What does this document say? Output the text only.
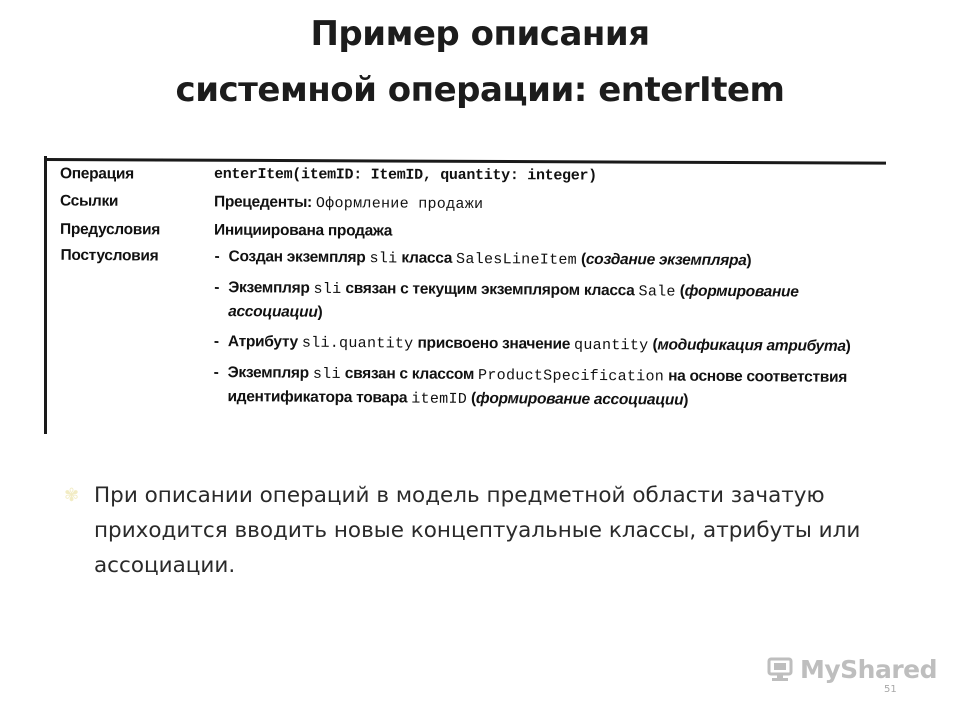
Пример описания
системной операции: enterItem
Операция	enterItem(itemID: ItemID, quantity: integer)
Ссылки	Прецеденты: Оформление продажи
Предусловия	Инициирована продажа
Постусловия
-	Создан экземпляр sli класса SalesLineItem (создание экземпляра)
- Экземпляр sli связан с текущим экземпляром класса Sale (формирование ассоциации)
- Атрибуту sli.quantity присвоено значение quantity (модификация атрибута)
- Экземпляр sli связан с классом ProductSpecification на основе соответствия идентификатора товара itemID (формирование ассоциации)
✾ При описании операций в модель предметной области зачатую приходится вводить новые концептуальные классы, атрибуты или ассоциации.
MyShared
51
